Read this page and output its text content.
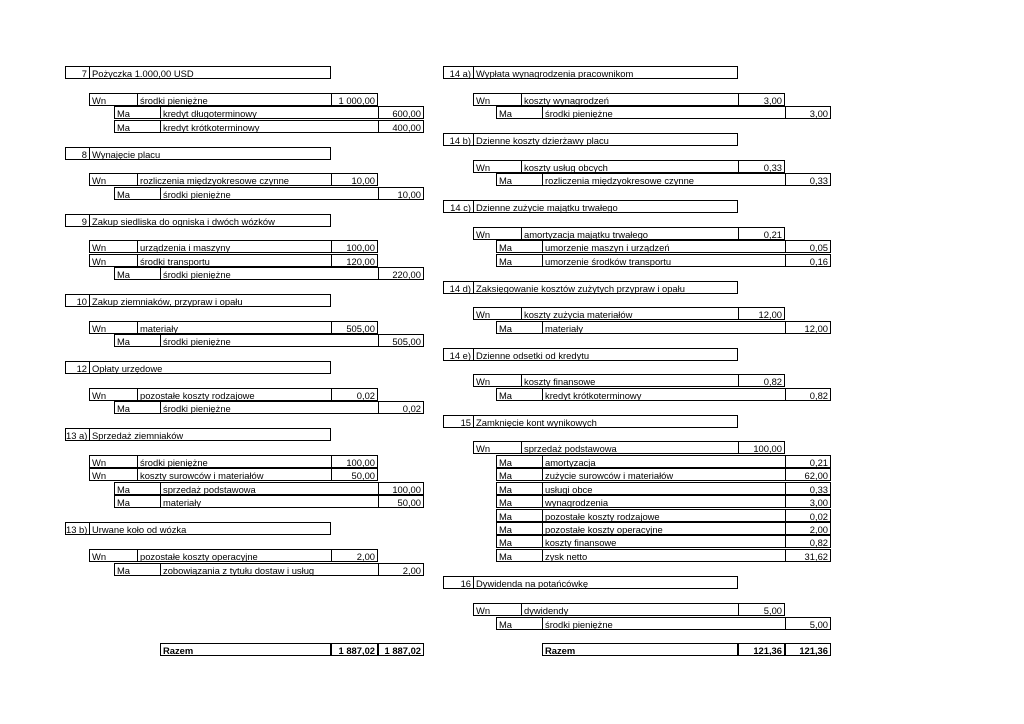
7 Pożyczka 1.000,00 USD
Wn	środki pieniężne	1 000,00
Ma	kredyt długoterminowy	600,00
Ma	kredyt krótkoterminowy	400,00
8 Wynajęcie placu
Wn	rozliczenia międzyokresowe czynne	10,00
Ma	środki pieniężne	10,00
9 Zakup siedliska do ogniska i dwóch wózków
Wn	urządzenia i maszyny	100,00
Wn	środki transportu	120,00
Ma	środki pieniężne	220,00
10 Zakup ziemniaków, przypraw i opału
Wn	materiały	505,00
Ma	środki pieniężne	505,00
12 Opłaty urzędowe
Wn	pozostałe koszty rodzajowe	0,02
Ma	środki pieniężne	0,02
13 a) Sprzedaż ziemniaków
Wn	środki pieniężne	100,00
Wn	koszty surowców i materiałów	50,00
Ma	sprzedaż podstawowa	100,00
Ma	materiały	50,00
13 b) Urwane koło od wózka
Wn	pozostałe koszty operacyjne	2,00
Ma	zobowiązania z tytułu dostaw i usług	2,00
14 a) Wypłata wynagrodzenia pracownikom
Wn	koszty wynagrodzeń	3,00
Ma	środki pieniężne	3,00
14 b) Dzienne koszty dzierżawy placu
Wn	koszty usług obcych	0,33
Ma	rozliczenia międzyokresowe czynne	0,33
14 c) Dzienne zużycie majątku trwałego
Wn	amortyzacja majątku trwałego	0,21
Ma	umorzenie maszyn i urządzeń	0,05
Ma	umorzenie środków transportu	0,16
14 d) Zaksięgowanie kosztów zużytych przypraw i opału
Wn	koszty zużycia materiałów	12,00
Ma	materiały	12,00
14 e) Dzienne odsetki od kredytu
Wn	koszty finansowe	0,82
Ma	kredyt krótkoterminowy	0,82
15 Zamknięcie kont wynikowych
Wn	sprzedaż podstawowa	100,00
Ma	amortyzacja	0,21
Ma	zużycie surowców i materiałów	62,00
Ma	usługi obce	0,33
Ma	wynagrodzenia	3,00
Ma	pozostałe koszty rodzajowe	0,02
Ma	pozostałe koszty operacyjne	2,00
Ma	koszty finansowe	0,82
Ma	zysk netto	31,62
16 Dywidenda na potańcówkę
Wn	dywidendy	5,00
Ma	środki pieniężne	5,00
Razem	1 887,02	1 887,02	Razem	121,36	121,36
